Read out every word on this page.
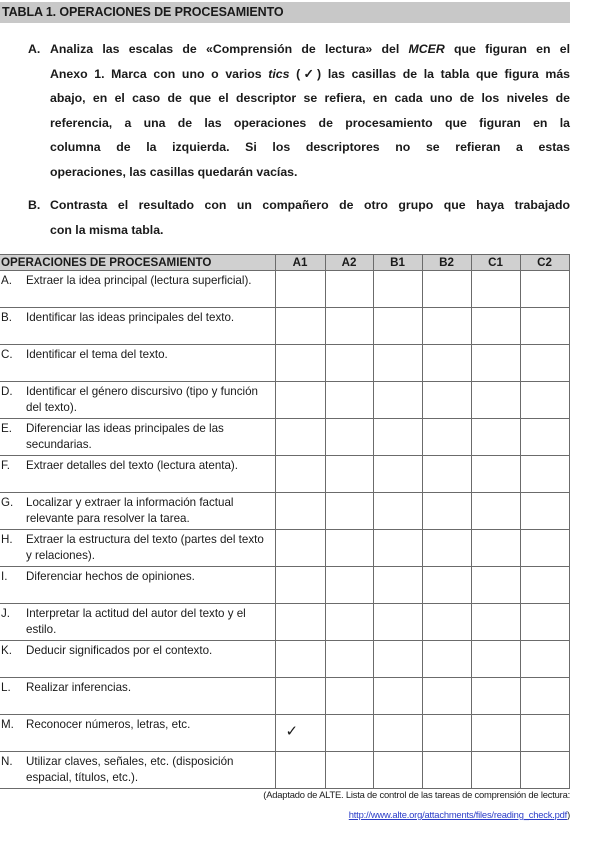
TABLA 1. OPERACIONES DE PROCESAMIENTO
A. Analiza las escalas de «Comprensión de lectura» del MCER que figuran en el
Anexo 1. Marca con uno o varios tics (✓) las casillas de la tabla que figura más
abajo, en el caso de que el descriptor se refiera, en cada uno de los niveles de
referencia, a una de las operaciones de procesamiento que figuran en la
columna de la izquierda. Si los descriptores no se refieran a estas
operaciones, las casillas quedarán vacías.
B. Contrasta el resultado con un compañero de otro grupo que haya trabajado
con la misma tabla.
OPERACIONES DE PROCESAMIENTO	A1	A2	B1	B2	C1	C2

A. Extraer la idea principal (lectura superficial).						

B. Identificar las ideas principales del texto.						

C. Identificar el tema del texto.						

D. Identificar el género discursivo (tipo y función del texto).						

E. Diferenciar las ideas principales de las secundarias.						

F. Extraer detalles del texto (lectura atenta).						

G. Localizar y extraer la información factual relevante para resolver la tarea.						

H. Extraer la estructura del texto (partes del texto y relaciones).						

I. Diferenciar hechos de opiniones.						

J. Interpretar la actitud del autor del texto y el estilo.						

K. Deducir significados por el contexto.						

L. Realizar inferencias.						

M. Reconocer números, letras, etc.	✓					

N. Utilizar claves, señales, etc. (disposición espacial, títulos, etc.).						

(Adaptado de ALTE. Lista de control de las tareas de comprensión de lectura:
http://www.alte.org/attachments/files/reading_check.pdf)
